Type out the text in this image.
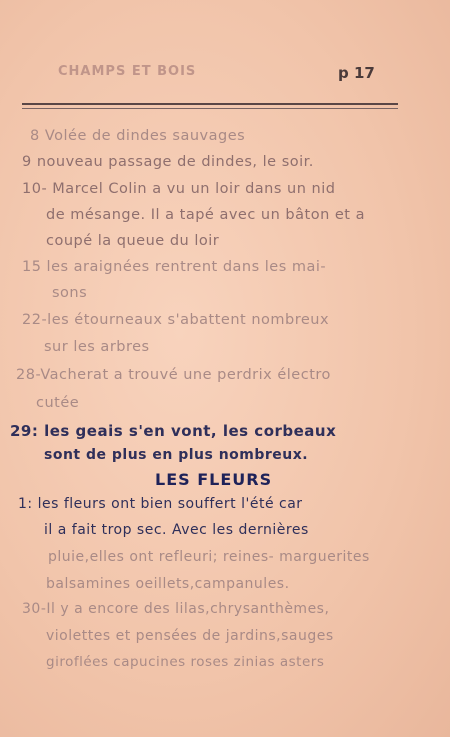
CHAMPS ET BOIS	p 17
8 Volée de dindes sauvages
9 nouveau passage de dindes, le soir.
10- Marcel Colin a vu un loir dans un nid
de mésange. Il a tapé avec un bâton et a
coupé la queue du loir
15 les araignées rentrent dans les mai-
sons
22-les étourneaux s'abattent nombreux
sur les arbres
28-Vacherat a trouvé une perdrix électro
cutée
29: les geais s'en vont, les corbeaux
sont de plus en plus nombreux.
LES FLEURS
1: les fleurs ont bien souffert l'été car
il a fait trop sec. Avec les dernières
pluie,elles ont refleuri; reines- marguerites
balsamines oeillets,campanules.
30-Il y a encore des lilas,chrysanthèmes,
violettes et pensées de jardins,sauges
giroflées capucines roses zinias asters
